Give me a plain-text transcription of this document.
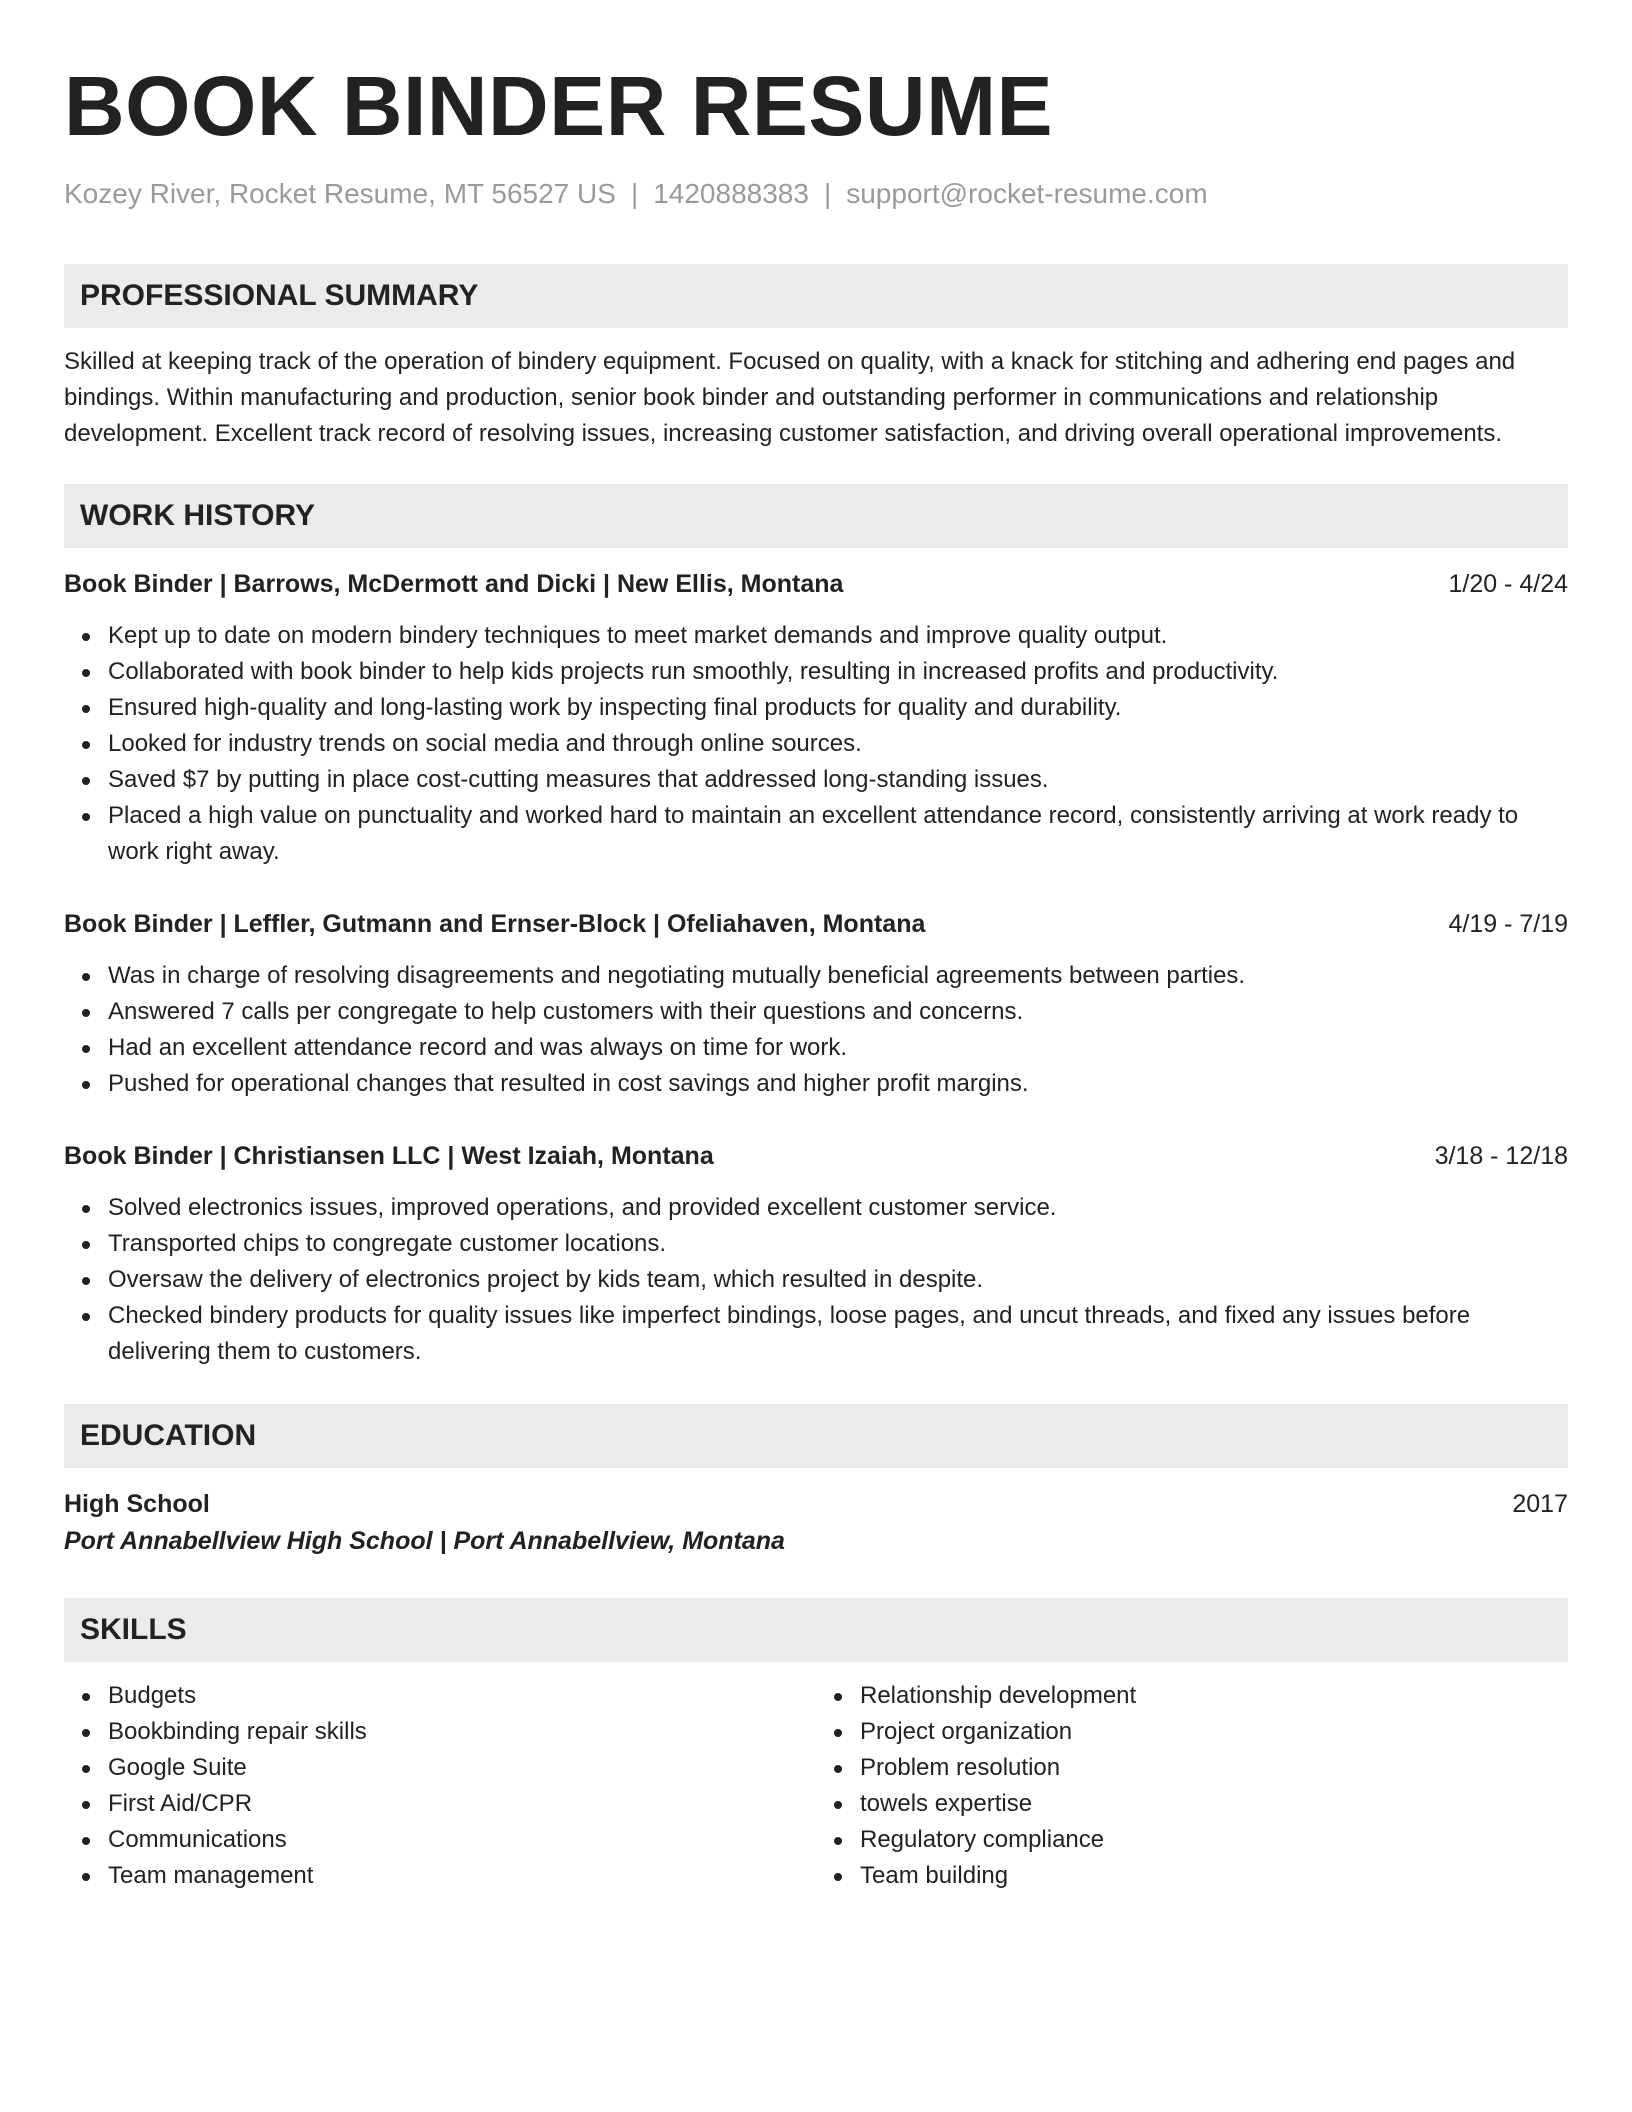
BOOK BINDER RESUME
Kozey River, Rocket Resume, MT 56527 US | 1420888383 | support@rocket-resume.com
PROFESSIONAL SUMMARY
Skilled at keeping track of the operation of bindery equipment. Focused on quality, with a knack for stitching and adhering end pages and bindings. Within manufacturing and production, senior book binder and outstanding performer in communications and relationship development. Excellent track record of resolving issues, increasing customer satisfaction, and driving overall operational improvements.
WORK HISTORY
Book Binder | Barrows, McDermott and Dicki | New Ellis, Montana	1/20 - 4/24
Kept up to date on modern bindery techniques to meet market demands and improve quality output.
Collaborated with book binder to help kids projects run smoothly, resulting in increased profits and productivity.
Ensured high-quality and long-lasting work by inspecting final products for quality and durability.
Looked for industry trends on social media and through online sources.
Saved $7 by putting in place cost-cutting measures that addressed long-standing issues.
Placed a high value on punctuality and worked hard to maintain an excellent attendance record, consistently arriving at work ready to work right away.
Book Binder | Leffler, Gutmann and Ernser-Block | Ofeliahaven, Montana	4/19 - 7/19
Was in charge of resolving disagreements and negotiating mutually beneficial agreements between parties.
Answered 7 calls per congregate to help customers with their questions and concerns.
Had an excellent attendance record and was always on time for work.
Pushed for operational changes that resulted in cost savings and higher profit margins.
Book Binder | Christiansen LLC | West Izaiah, Montana	3/18 - 12/18
Solved electronics issues, improved operations, and provided excellent customer service.
Transported chips to congregate customer locations.
Oversaw the delivery of electronics project by kids team, which resulted in despite.
Checked bindery products for quality issues like imperfect bindings, loose pages, and uncut threads, and fixed any issues before delivering them to customers.
EDUCATION
High School	2017
Port Annabellview High School | Port Annabellview, Montana
SKILLS
Budgets
Bookbinding repair skills
Google Suite
First Aid/CPR
Communications
Team management
Relationship development
Project organization
Problem resolution
towels expertise
Regulatory compliance
Team building
